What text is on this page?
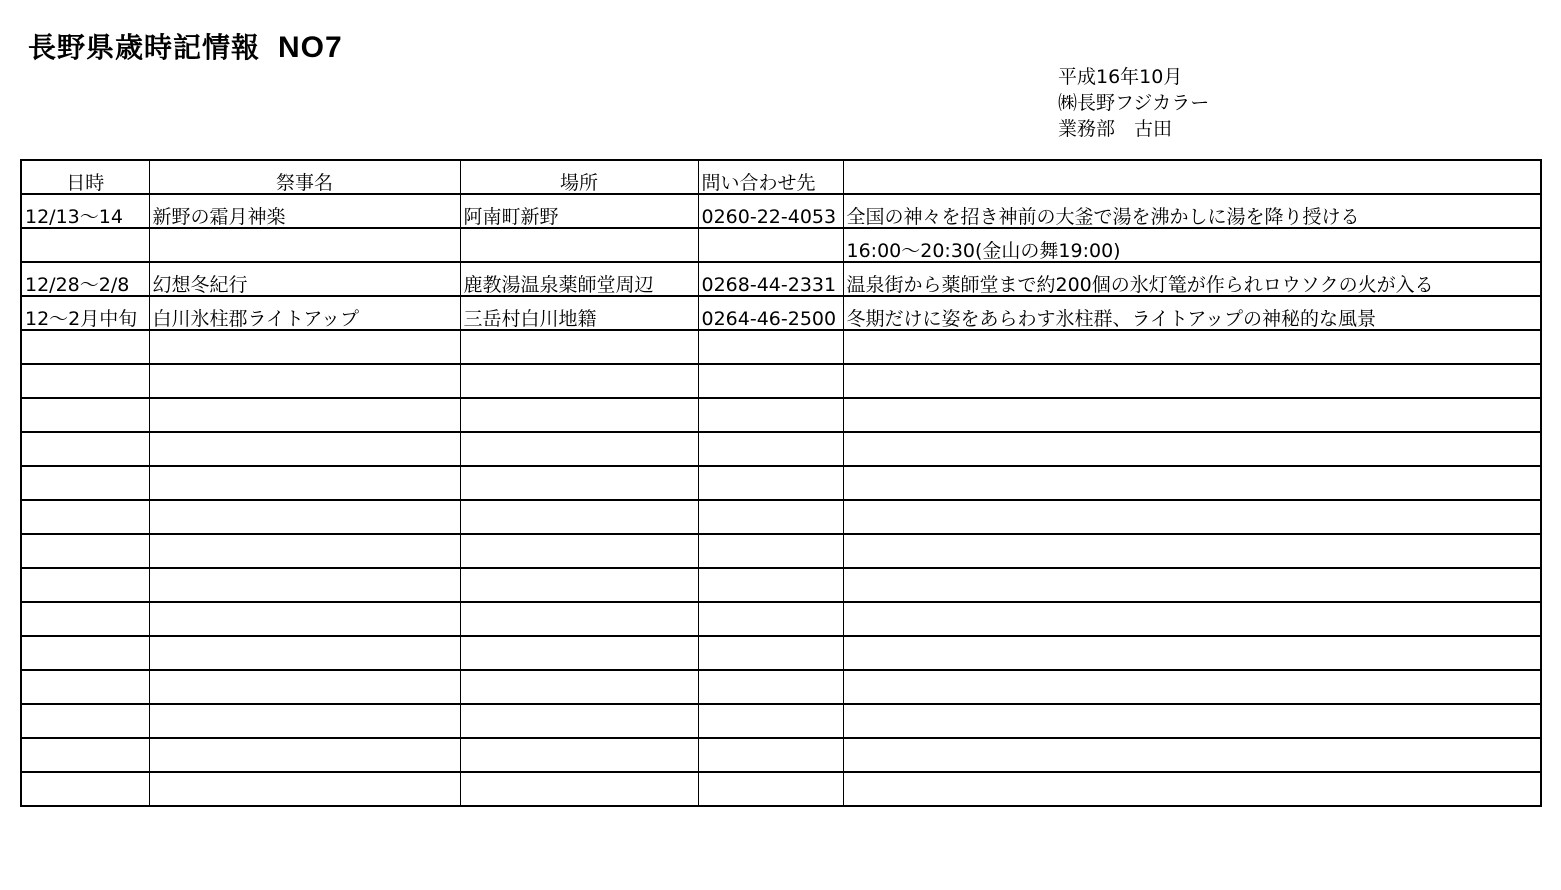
長野県歳時記情報 NO7
平成16年10月
㈱長野フジカラー
業務部　古田
日時	祭事名	場所	問い合わせ先	
12/13～14	新野の霜月神楽	阿南町新野	0260-22-4053	全国の神々を招き神前の大釜で湯を沸かしに湯を降り授ける
				16:00～20:30(金山の舞19:00)
12/28～2/8	幻想冬紀行	鹿教湯温泉薬師堂周辺	0268-44-2331	温泉街から薬師堂まで約200個の氷灯篭が作られロウソクの火が入る
12～2月中旬	白川氷柱郡ライトアップ	三岳村白川地籍	0264-46-2500	冬期だけに姿をあらわす氷柱群、ライトアップの神秘的な風景
